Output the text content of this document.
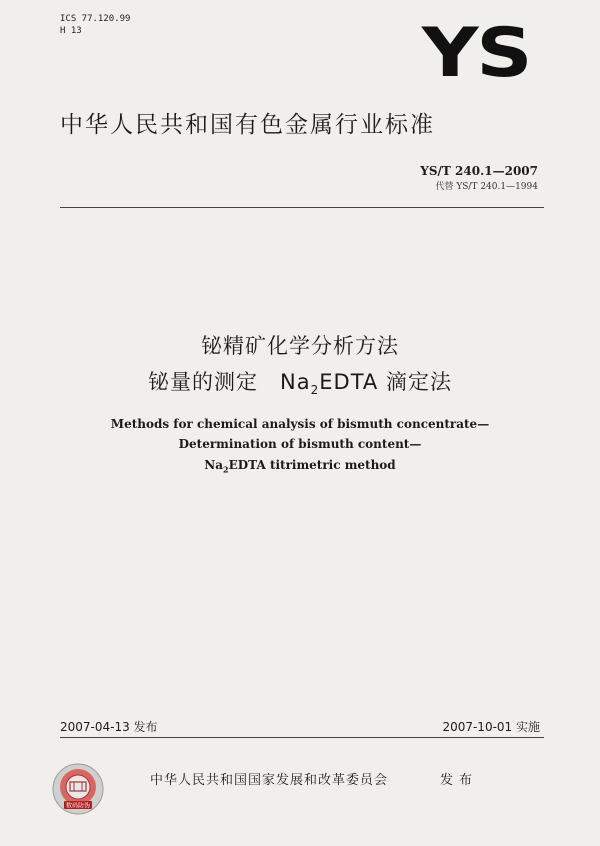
ICS 77.120.99
H 13	YS
中华人民共和国有色金属行业标准
YS/T 240.1—2007
代替 YS/T 240.1—1994
铋精矿化学分析方法
铋量的测定　$Na_2EDTA$ 滴定法
Methods for chemical analysis of bismuth concentrate—
Determination of bismuth content—
$Na_2EDTA$ titrimetric method
2007-04-13 发布	2007-10-01 实施
数码防伪
中华人民共和国国家发展和改革委员会	发布
